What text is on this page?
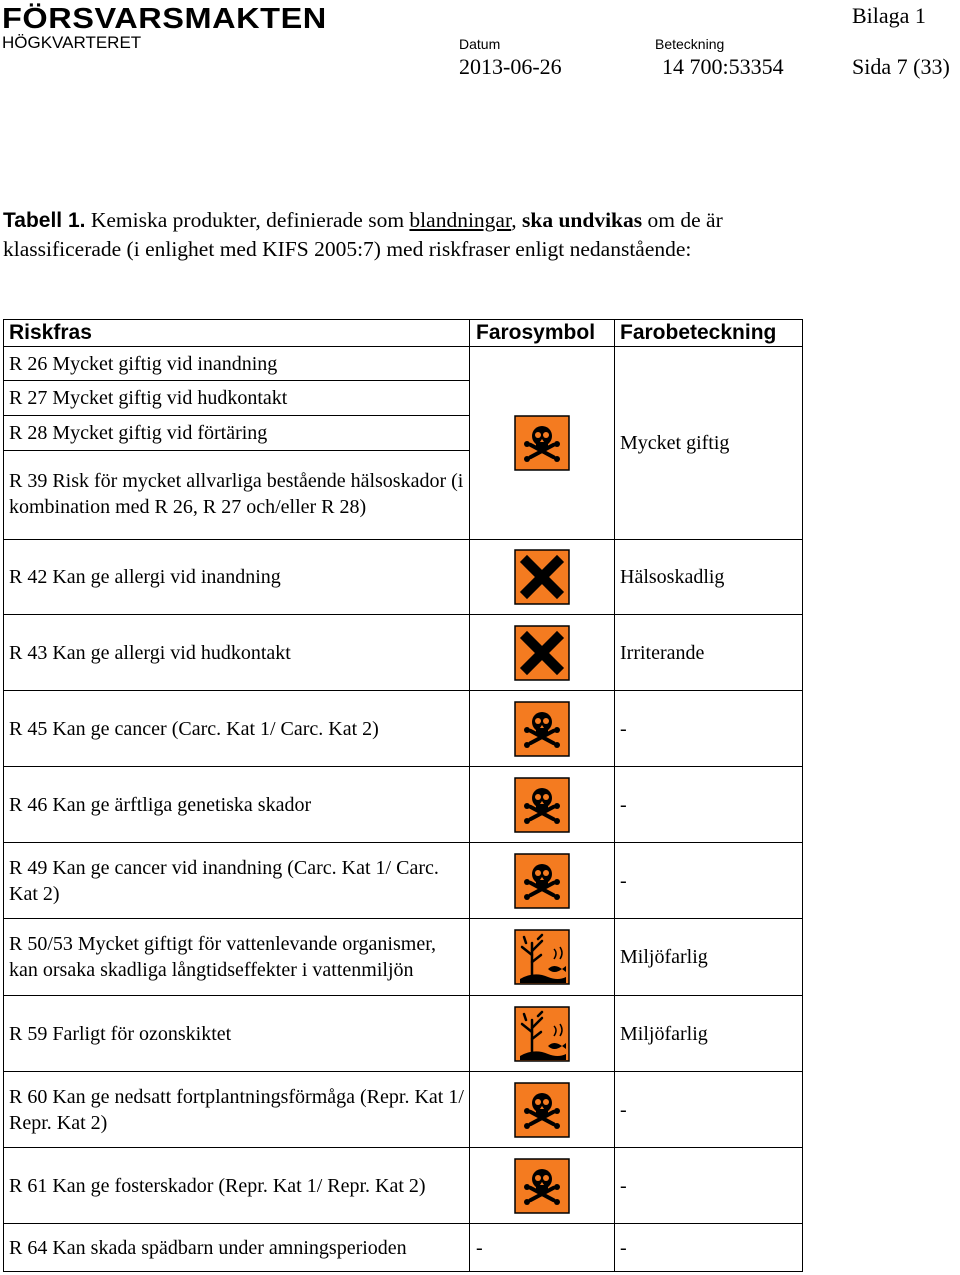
FÖRSVARSMAKTEN
HÖGKVARTERET	Datum	Beteckning
2013-06-26	14 700:53354
Bilaga 1
Sida 7 (33)
Tabell 1. Kemiska produkter, definierade som blandningar, ska undvikas om de är klassificerade (i enlighet med KIFS 2005:7) med riskfraser enligt nedanstående:
Riskfras	Farosymbol	Farobeteckning
R 26 Mycket giftig vid inandning		Mycket giftig
R 27 Mycket giftig vid hudkontakt		
R 28 Mycket giftig vid förtäring		
R 39 Risk för mycket allvarliga bestående hälsoskador (i kombination med R 26, R 27 och/eller R 28)		
R 42 Kan ge allergi vid inandning		Hälsoskadlig
R 43 Kan ge allergi vid hudkontakt		Irriterande
R 45 Kan ge cancer (Carc. Kat 1/ Carc. Kat 2)		-
R 46 Kan ge ärftliga genetiska skador		-
R 49 Kan ge cancer vid inandning (Carc. Kat 1/ Carc. Kat 2)		-
R 50/53 Mycket giftigt för vattenlevande organismer, kan orsaka skadliga långtidseffekter i vattenmiljön		Miljöfarlig
R 59 Farligt för ozonskiktet		Miljöfarlig
R 60 Kan ge nedsatt fortplantningsförmåga (Repr. Kat 1/ Repr. Kat 2)		-
R 61 Kan ge fosterskador (Repr. Kat 1/ Repr. Kat 2)		-
R 64 Kan skada spädbarn under amningsperioden	-	-
